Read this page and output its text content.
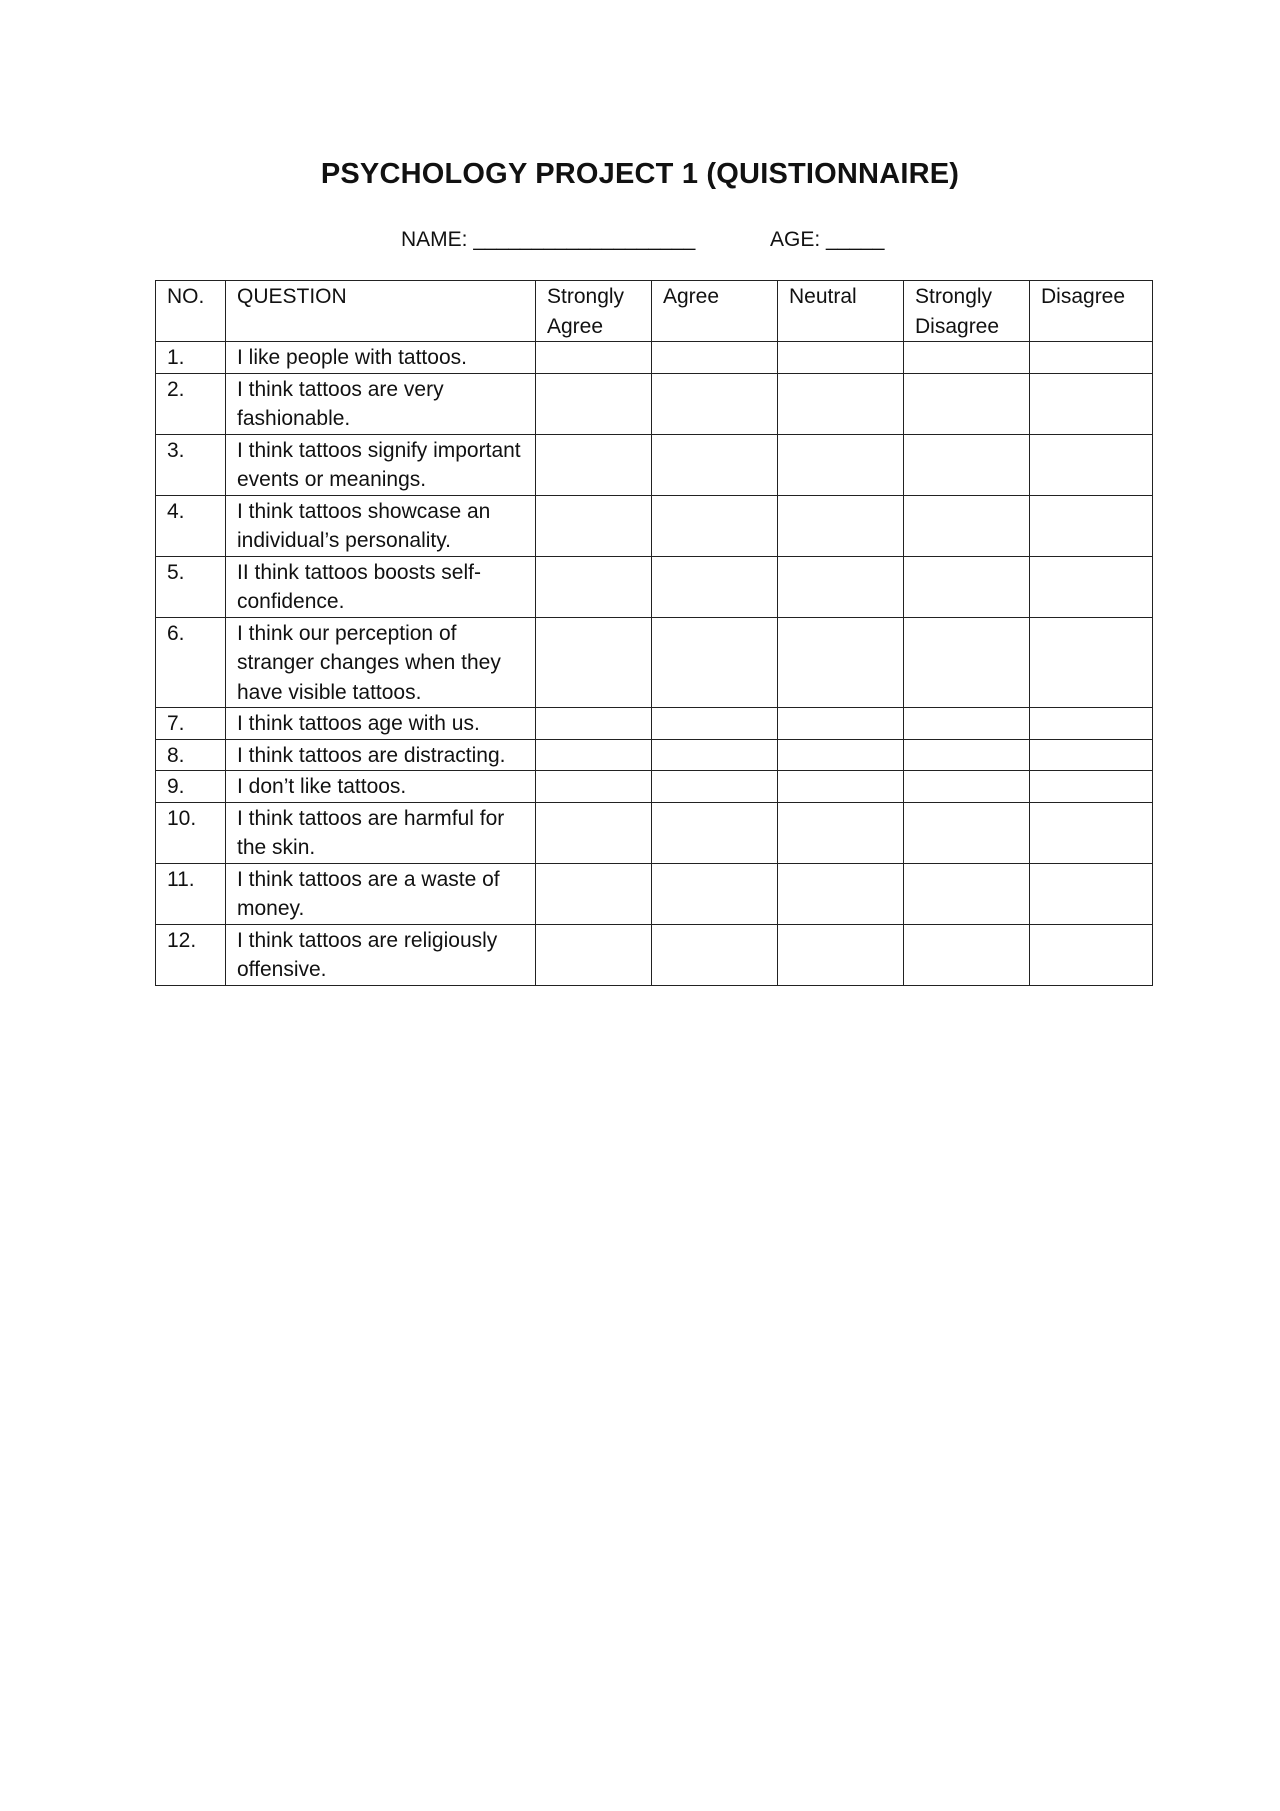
PSYCHOLOGY PROJECT 1 (QUISTIONNAIRE)
NAME: ___________________	AGE: _____
NO.	QUESTION	Strongly Agree	Agree	Neutral	Strongly Disagree	Disagree
1.	I like people with tattoos.					
2.	I think tattoos are very fashionable.					
3.	I think tattoos signify important events or meanings.					
4.	I think tattoos showcase an individual’s personality.					
5.	II think tattoos boosts self-confidence.					
6.	I think our perception of stranger changes when they have visible tattoos.					
7.	I think tattoos age with us.					
8.	I think tattoos are distracting.					
9.	I don’t like tattoos.					
10.	I think tattoos are harmful for the skin.					
11.	I think tattoos are a waste of money.					
12.	I think tattoos are religiously offensive.					
